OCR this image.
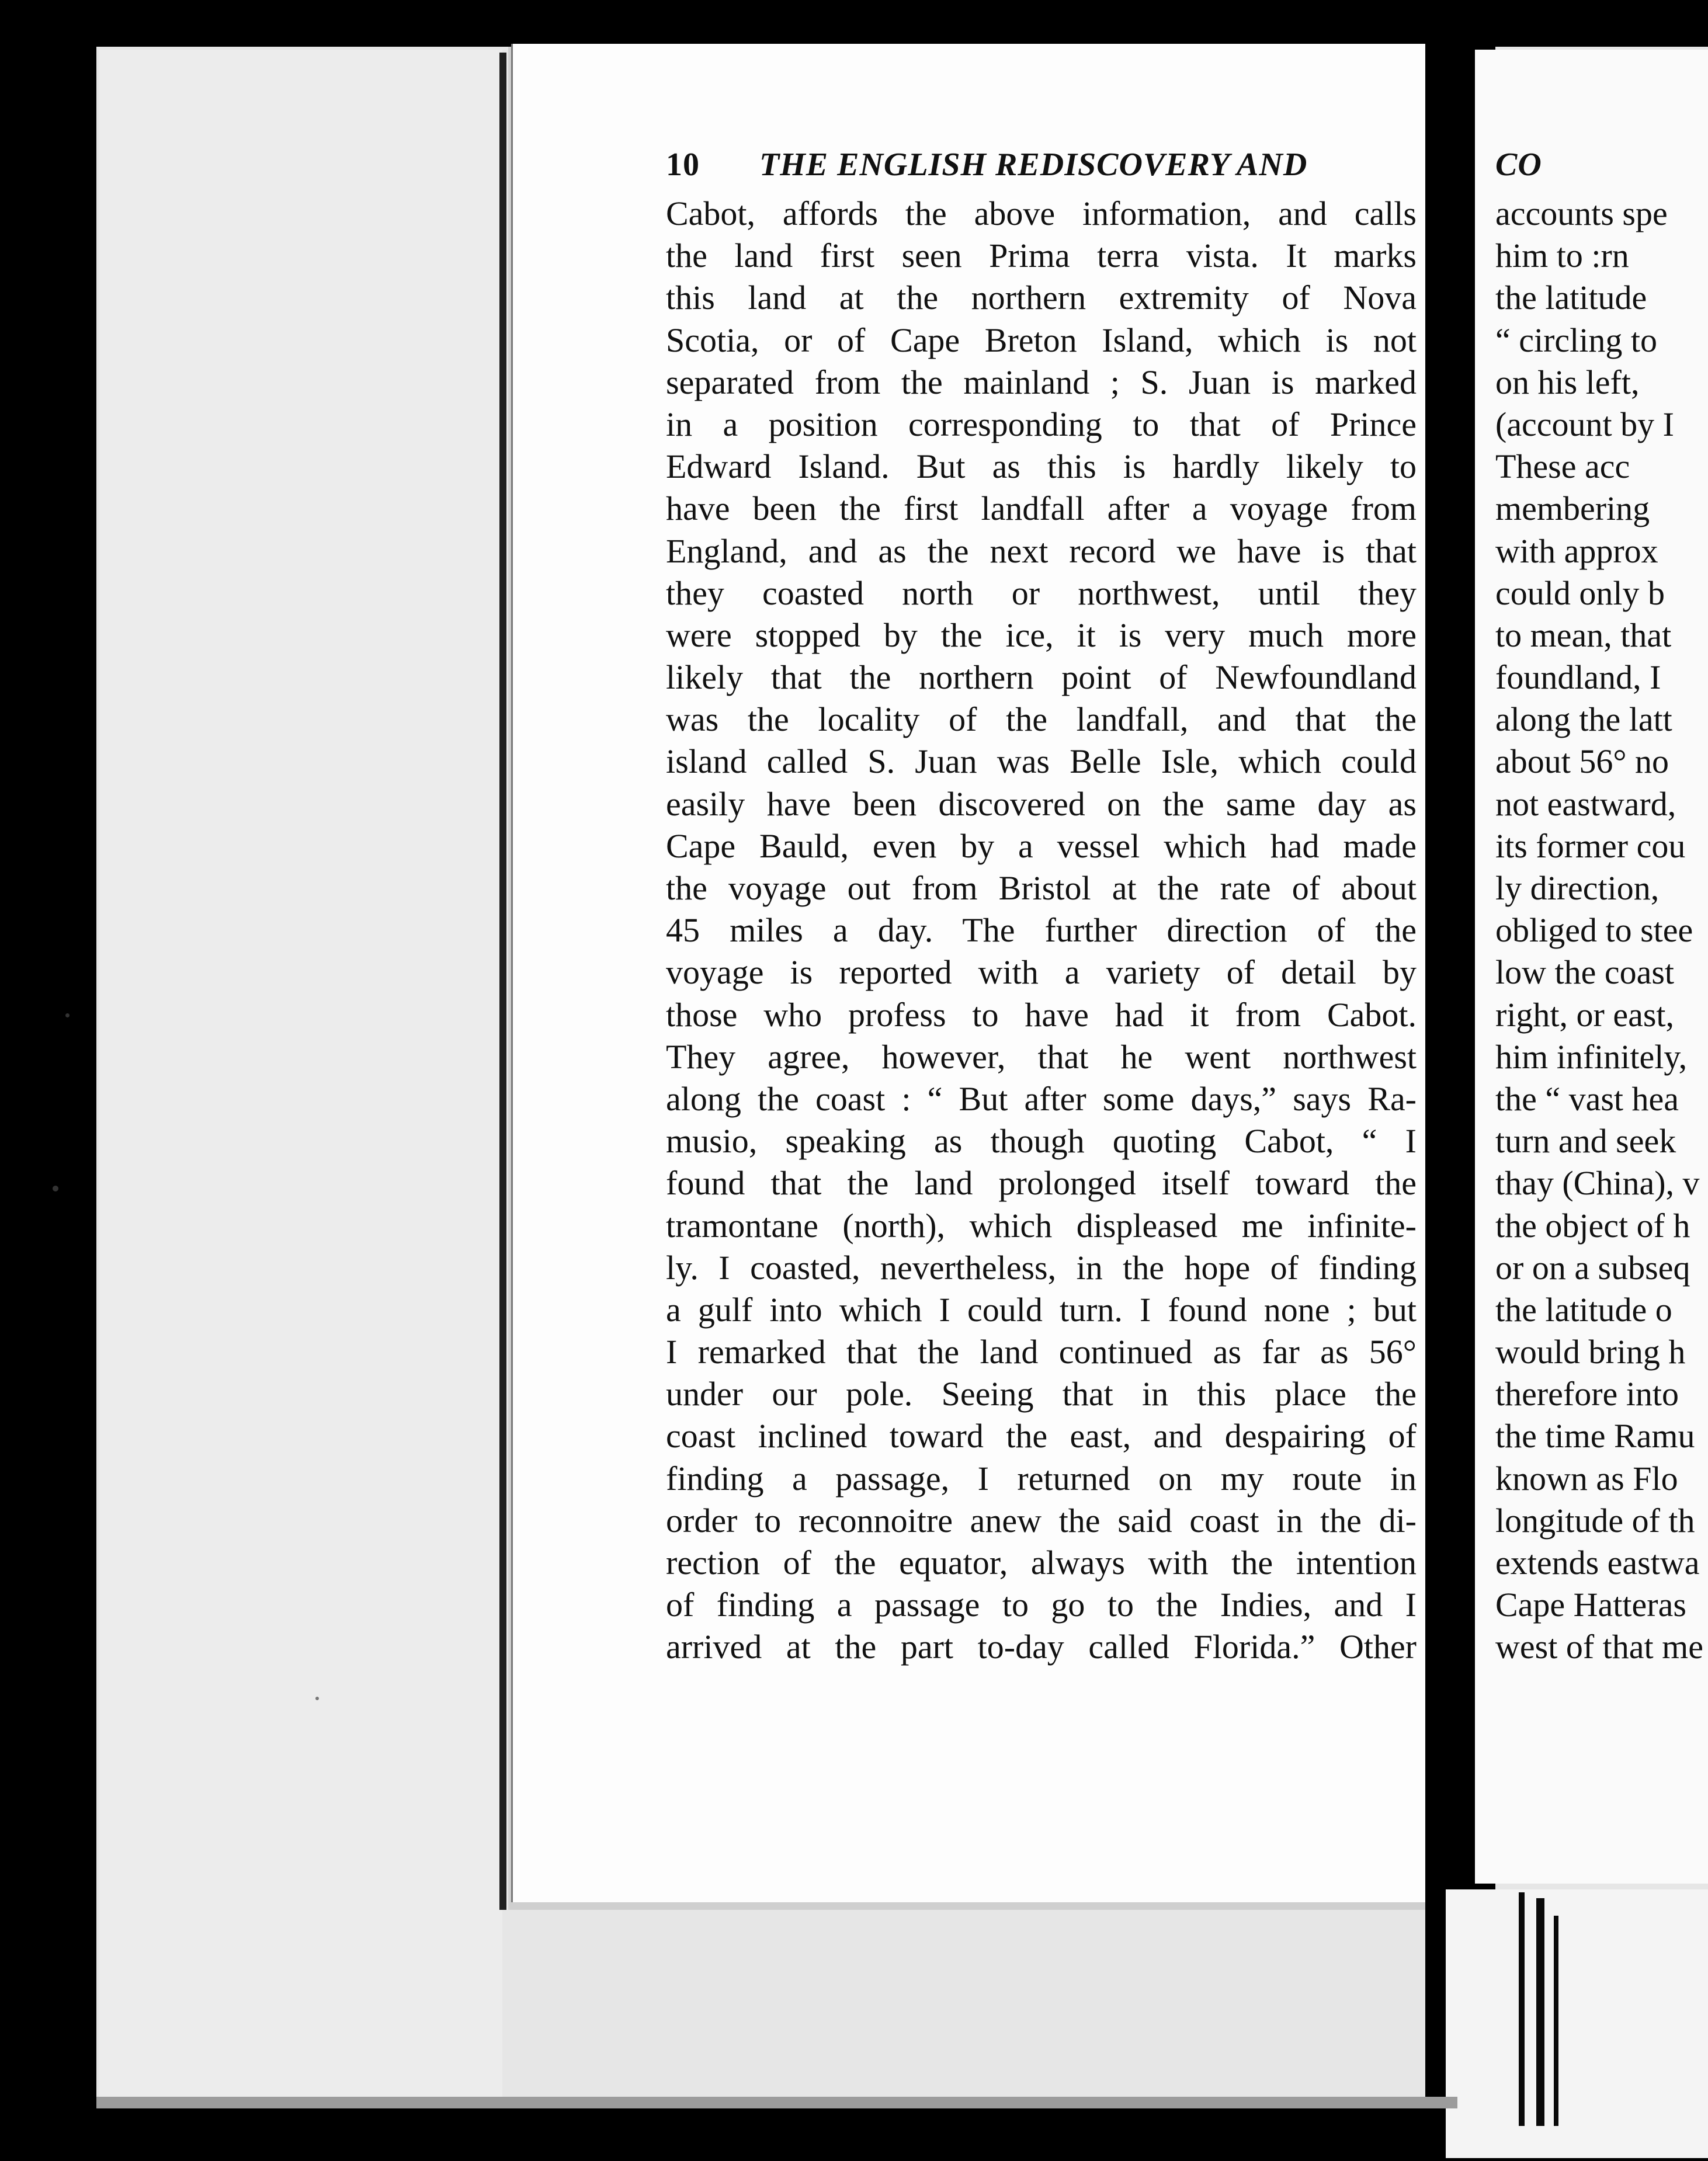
10 THE ENGLISH REDISCOVERY AND
Cabot, affords the above information, and calls
the land first seen Prima terra vista. It marks
this land at the northern extremity of Nova
Scotia, or of Cape Breton Island, which is not
separated from the mainland ; S. Juan is marked
in a position corresponding to that of Prince
Edward Island. But as this is hardly likely to
have been the first landfall after a voyage from
England, and as the next record we have is that
they coasted north or northwest, until they
were stopped by the ice, it is very much more
likely that the northern point of Newfoundland
was the locality of the landfall, and that the
island called S. Juan was Belle Isle, which could
easily have been discovered on the same day as
Cape Bauld, even by a vessel which had made
the voyage out from Bristol at the rate of about
45 miles a day. The further direction of the
voyage is reported with a variety of detail by
those who profess to have had it from Cabot.
They agree, however, that he went northwest
along the coast : “ But after some days,” says Ra-
musio, speaking as though quoting Cabot, “ I
found that the land prolonged itself toward the
tramontane (north), which displeased me infinite-
ly. I coasted, nevertheless, in the hope of finding
a gulf into which I could turn. I found none ; but
I remarked that the land continued as far as 56°
under our pole. Seeing that in this place the
coast inclined toward the east, and despairing of
finding a passage, I returned on my route in
order to reconnoitre anew the said coast in the di-
rection of the equator, always with the intention
of finding a passage to go to the Indies, and I
arrived at the part to-day called Florida.” Other
CO
accounts spe
him to :rn
the latitude
“ circling to
on his left,
(account by I
These acc
membering
with approx
could only b
to mean, that
foundland, I
along the latt
about 56° no
not eastward,
its former cou
ly direction,
obliged to stee
low the coast
right, or east,
him infinitely,
the “ vast hea
turn and seek
thay (China), v
the object of h
or on a subseq
the latitude o
would bring h
therefore into
the time Ramu
known as Flo
longitude of th
extends eastwa
Cape Hatteras
west of that me
